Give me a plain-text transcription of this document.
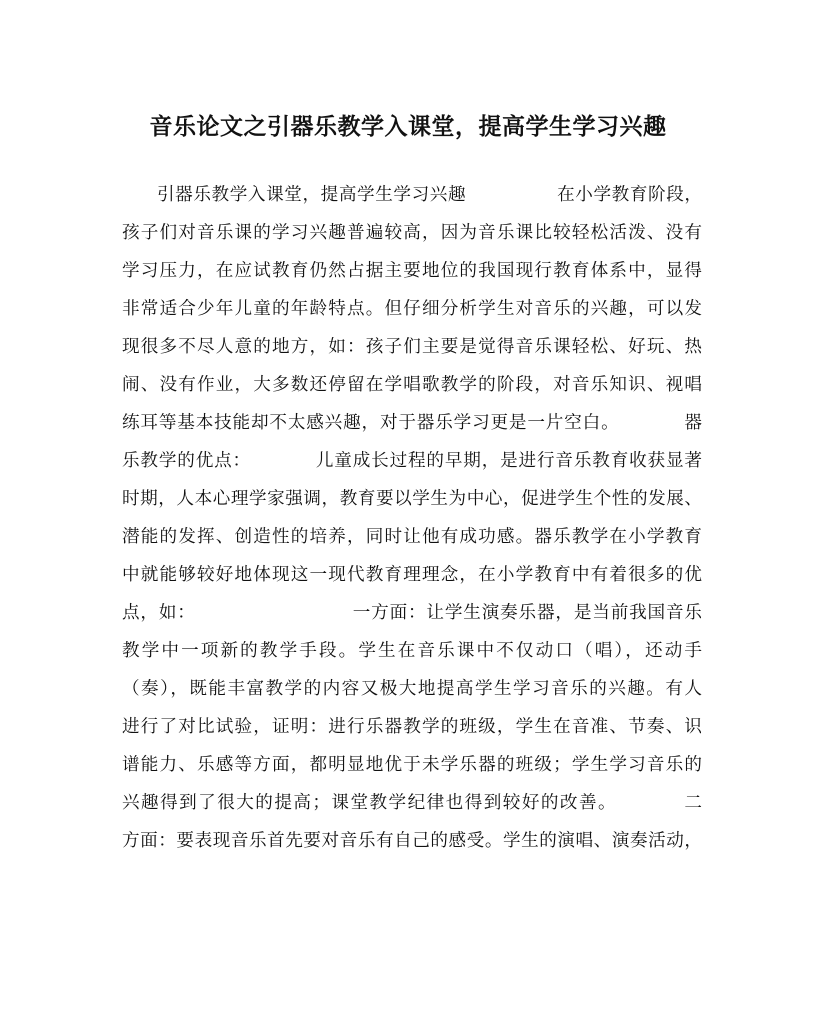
音乐论文之引器乐教学入课堂，提高学生学习兴趣
引器乐教学入课堂，提高学生学习兴趣　　　　　在小学教育阶段，
孩子们对音乐课的学习兴趣普遍较高，因为音乐课比较轻松活泼、没有
学习压力，在应试教育仍然占据主要地位的我国现行教育体系中，显得
非常适合少年儿童的年龄特点。但仔细分析学生对音乐的兴趣，可以发
现很多不尽人意的地方，如：孩子们主要是觉得音乐课轻松、好玩、热
闹、没有作业，大多数还停留在学唱歌教学的阶段，对音乐知识、视唱
练耳等基本技能却不太感兴趣，对于器乐学习更是一片空白。　　　　器
乐教学的优点：　　　　儿童成长过程的早期，是进行音乐教育收获显著
时期，人本心理学家强调，教育要以学生为中心，促进学生个性的发展、
潜能的发挥、创造性的培养，同时让他有成功感。器乐教学在小学教育
中就能够较好地体现这一现代教育理理念，在小学教育中有着很多的优
点，如：　　　　　　　　　一方面：让学生演奏乐器，是当前我国音乐
教学中一项新的教学手段。学生在音乐课中不仅动口（唱），还动手
（奏），既能丰富教学的内容又极大地提高学生学习音乐的兴趣。有人
进行了对比试验，证明：进行乐器教学的班级，学生在音准、节奏、识
谱能力、乐感等方面，都明显地优于未学乐器的班级；学生学习音乐的
兴趣得到了很大的提高；课堂教学纪律也得到较好的改善。　　　　二
方面：要表现音乐首先要对音乐有自己的感受。学生的演唱、演奏活动，
